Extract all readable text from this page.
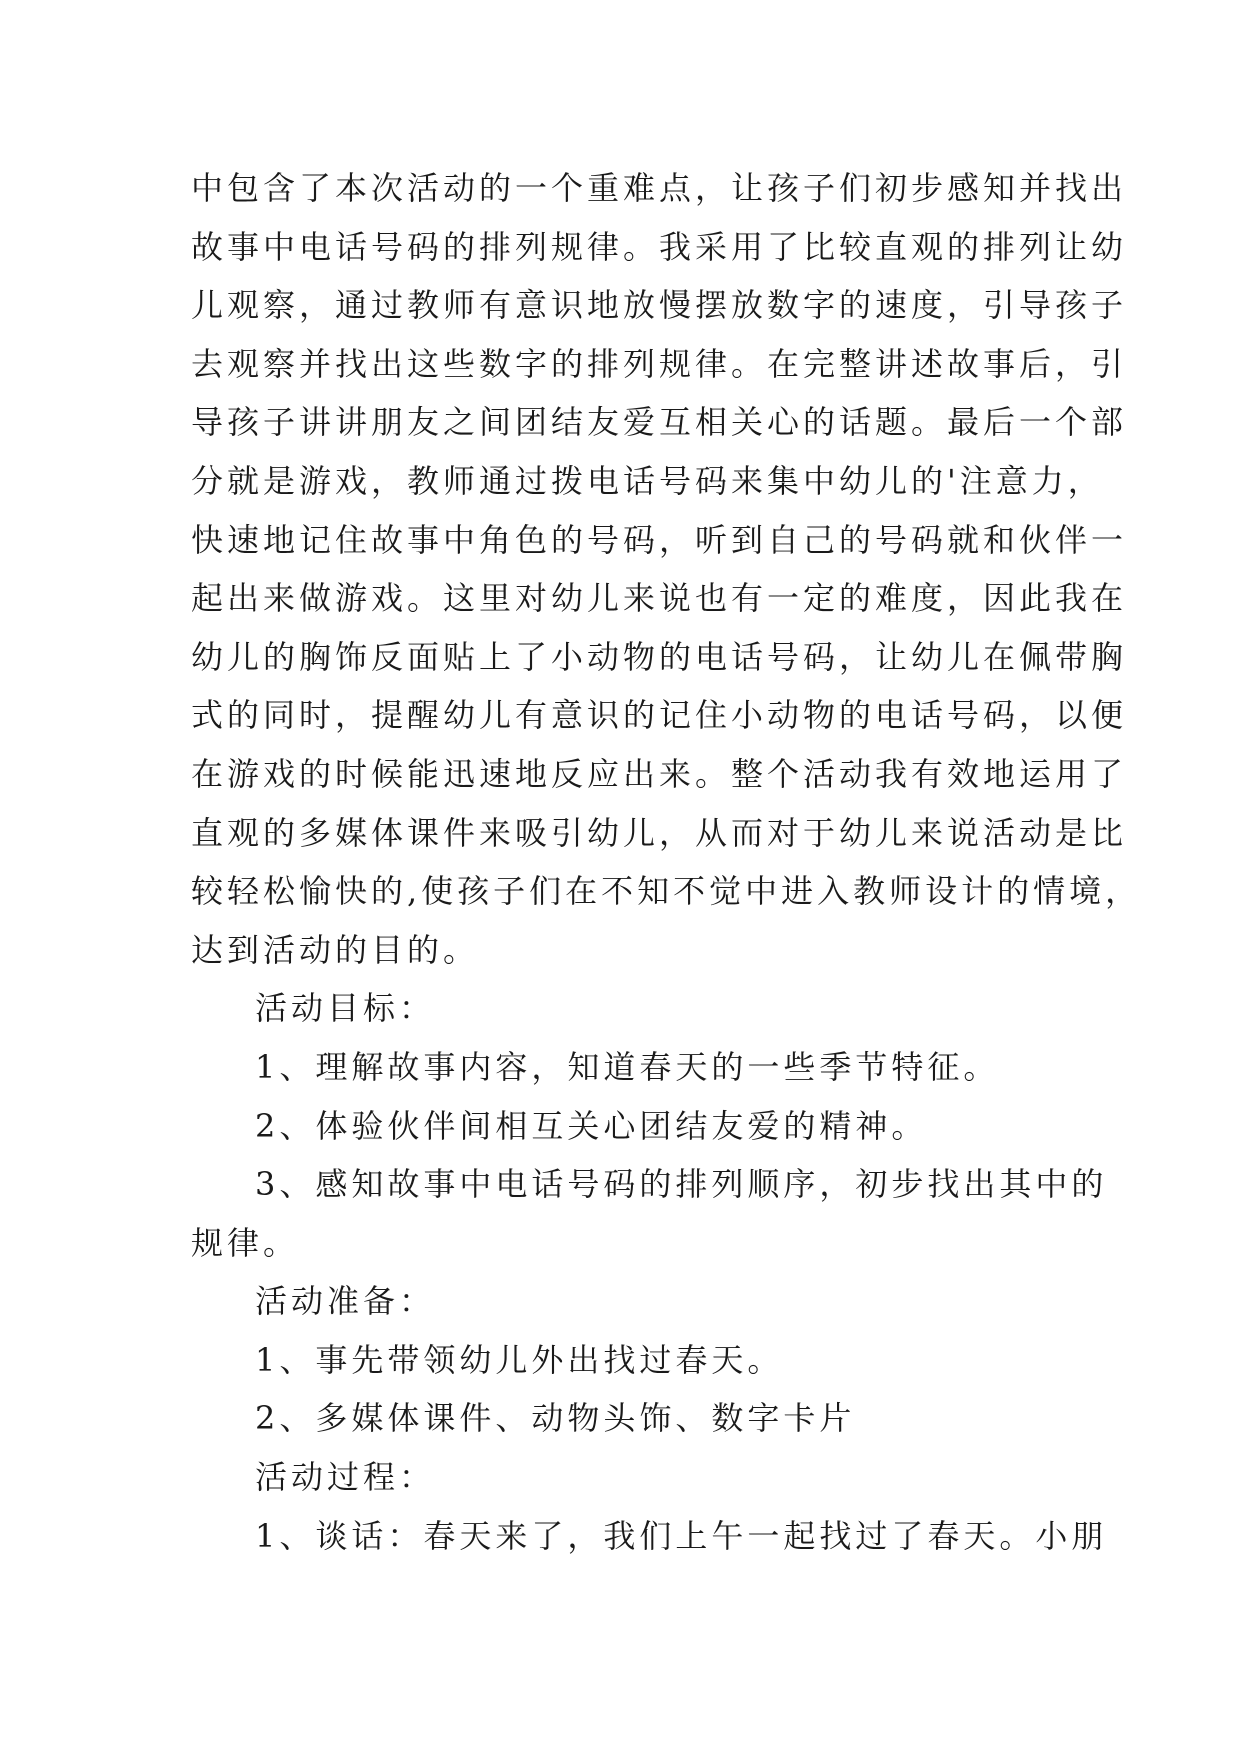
中包含了本次活动的一个重难点，让孩子们初步感知并找出
故事中电话号码的排列规律。我采用了比较直观的排列让幼
儿观察，通过教师有意识地放慢摆放数字的速度，引导孩子
去观察并找出这些数字的排列规律。在完整讲述故事后，引
导孩子讲讲朋友之间团结友爱互相关心的话题。最后一个部
分就是游戏，教师通过拨电话号码来集中幼儿的'注意力，
快速地记住故事中角色的号码，听到自己的号码就和伙伴一
起出来做游戏。这里对幼儿来说也有一定的难度，因此我在
幼儿的胸饰反面贴上了小动物的电话号码，让幼儿在佩带胸
式的同时，提醒幼儿有意识的记住小动物的电话号码，以便
在游戏的时候能迅速地反应出来。整个活动我有效地运用了
直观的多媒体课件来吸引幼儿，从而对于幼儿来说活动是比
较轻松愉快的,使孩子们在不知不觉中进入教师设计的情境，
达到活动的目的。
活动目标：
1、理解故事内容，知道春天的一些季节特征。
2、体验伙伴间相互关心团结友爱的精神。
3、感知故事中电话号码的排列顺序，初步找出其中的
规律。
活动准备：
1、事先带领幼儿外出找过春天。
2、多媒体课件、动物头饰、数字卡片
活动过程：
1、谈话：春天来了，我们上午一起找过了春天。小朋
